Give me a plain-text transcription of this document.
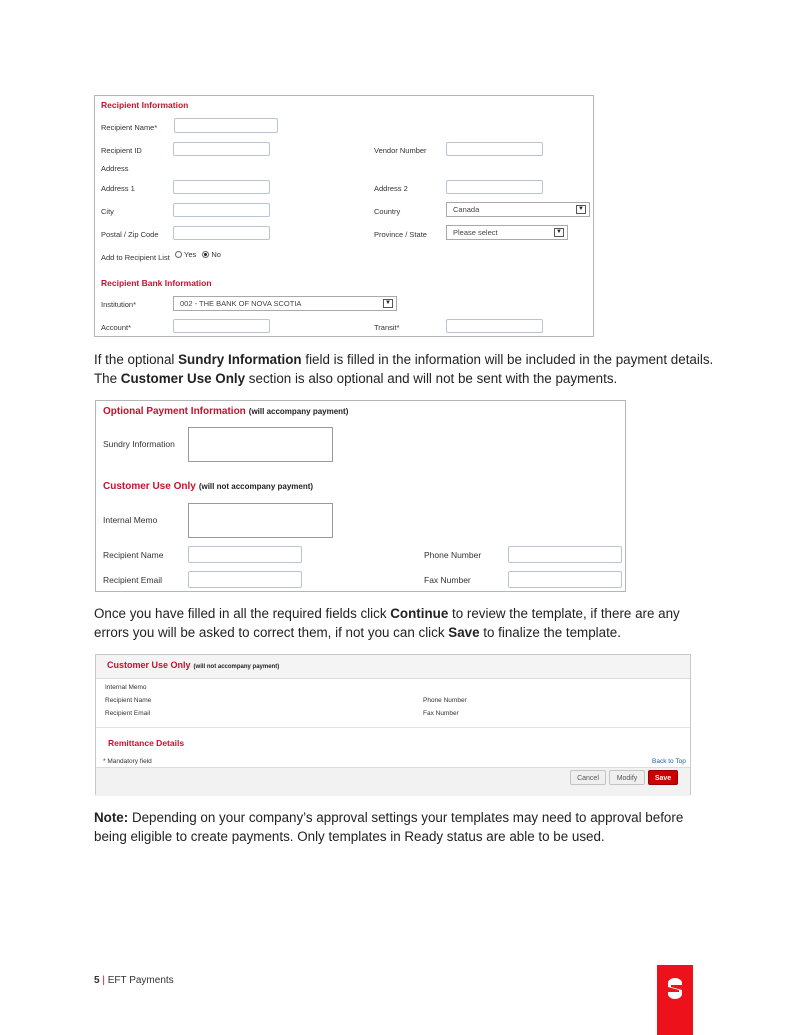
Recipient Information
Recipient Name*
Recipient ID	Vendor Number
Address
Address 1	Address 2
City	Country	Canada	▼
Postal / Zip Code	Province / State	Please select	▼
Add to Recipient List	Yes No
Recipient Bank Information
Institution*	002 - THE BANK OF NOVA SCOTIA	▼
Account*	Transit*
If the optional Sundry Information field is filled in the information will be included in the payment details. The Customer Use Only section is also optional and will not be sent with the payments.
Optional Payment Information (will accompany payment)
Sundry Information
Customer Use Only (will not accompany payment)
Internal Memo
Recipient Name	Phone Number
Recipient Email	Fax Number
Once you have filled in all the required fields click Continue to review the template, if there are any errors you will be asked to correct them, if not you can click Save to finalize the template.
Customer Use Only (will not accompany payment)
Internal Memo
Recipient Name	Phone Number
Recipient Email	Fax Number
Remittance Details
* Mandatory field	Back to Top
Cancel	Modify	Save
Note: Depending on your company’s approval settings your templates may need to approval before being eligible to create payments. Only templates in Ready status are able to be used.
5 | EFT Payments
